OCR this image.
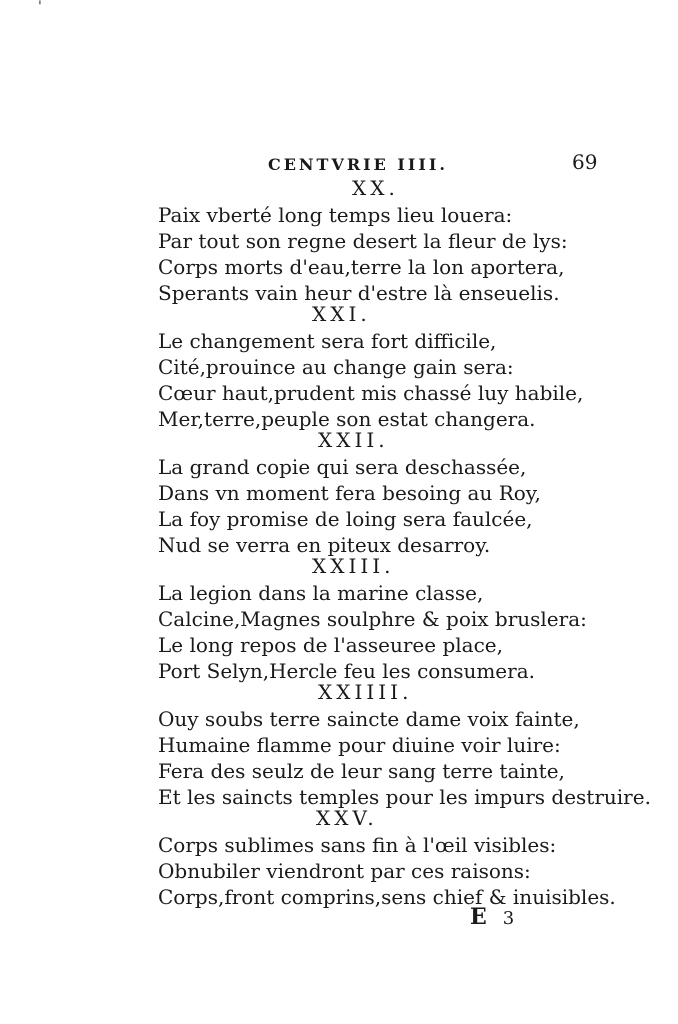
'
CENTVRIE IIII.	69
XX.
Paix vberté long temps lieu louera:
Par tout son regne desert la fleur de lys:
Corps morts d'eau,terre la lon aportera,
Sperants vain heur d'estre là enseuelis.
XXI.
Le changement sera fort difficile,
Cité,prouince au change gain sera:
Cœur haut,prudent mis chassé luy habile,
Mer,terre,peuple son estat changera.
XXII.
La grand copie qui sera deschassée,
Dans vn moment fera besoing au Roy,
La foy promise de loing sera faulcée,
Nud se verra en piteux desarroy.
XXIII.
La legion dans la marine classe,
Calcine,Magnes soulphre & poix bruslera:
Le long repos de l'asseuree place,
Port Selyn,Hercle feu les consumera.
XXIIII.
Ouy soubs terre saincte dame voix fainte,
Humaine flamme pour diuine voir luire:
Fera des seulz de leur sang terre tainte,
Et les saincts temples pour les impurs destruire.
XXV.
Corps sublimes sans fin à l'œil visibles:
Obnubiler viendront par ces raisons:
Corps,front comprins,sens chief & inuisibles.
E 3
